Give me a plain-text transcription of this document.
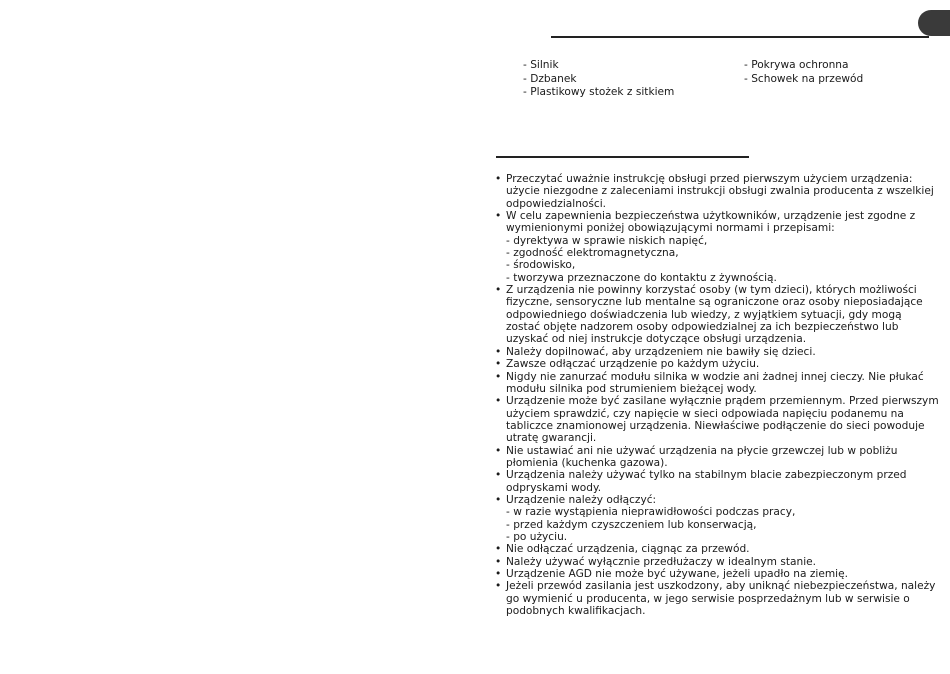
- Silnik
- Dzbanek
- Plastikowy stożek z sitkiem
- Pokrywa ochronna
- Schowek na przewód
• Przeczytać uważnie instrukcję obsługi przed pierwszym użyciem urządzenia:
użycie niezgodne z zaleceniami instrukcji obsługi zwalnia producenta z wszelkiej
odpowiedzialności.
• W celu zapewnienia bezpieczeństwa użytkowników, urządzenie jest zgodne z
wymienionymi poniżej obowiązującymi normami i przepisami:
- dyrektywa w sprawie niskich napięć,
- zgodność elektromagnetyczna,
- środowisko,
- tworzywa przeznaczone do kontaktu z żywnością.
• Z urządzenia nie powinny korzystać osoby (w tym dzieci), których możliwości
fizyczne, sensoryczne lub mentalne są ograniczone oraz osoby nieposiadające
odpowiedniego doświadczenia lub wiedzy, z wyjątkiem sytuacji, gdy mogą
zostać objęte nadzorem osoby odpowiedzialnej za ich bezpieczeństwo lub
uzyskać od niej instrukcje dotyczące obsługi urządzenia.
• Należy dopilnować, aby urządzeniem nie bawiły się dzieci.
• Zawsze odłączać urządzenie po każdym użyciu.
• Nigdy nie zanurzać modułu silnika w wodzie ani żadnej innej cieczy. Nie płukać
modułu silnika pod strumieniem bieżącej wody.
• Urządzenie może być zasilane wyłącznie prądem przemiennym. Przed pierwszym
użyciem sprawdzić, czy napięcie w sieci odpowiada napięciu podanemu na
tabliczce znamionowej urządzenia. Niewłaściwe podłączenie do sieci powoduje
utratę gwarancji.
• Nie ustawiać ani nie używać urządzenia na płycie grzewczej lub w pobliżu
płomienia (kuchenka gazowa).
• Urządzenia należy używać tylko na stabilnym blacie zabezpieczonym przed
odpryskami wody.
• Urządzenie należy odłączyć:
- w razie wystąpienia nieprawidłowości podczas pracy,
- przed każdym czyszczeniem lub konserwacją,
- po użyciu.
• Nie odłączać urządzenia, ciągnąc za przewód.
• Należy używać wyłącznie przedłużaczy w idealnym stanie.
• Urządzenie AGD nie może być używane, jeżeli upadło na ziemię.
• Jeżeli przewód zasilania jest uszkodzony, aby uniknąć niebezpieczeństwa, należy
go wymienić u producenta, w jego serwisie posprzedażnym lub w serwisie o
podobnych kwalifikacjach.
